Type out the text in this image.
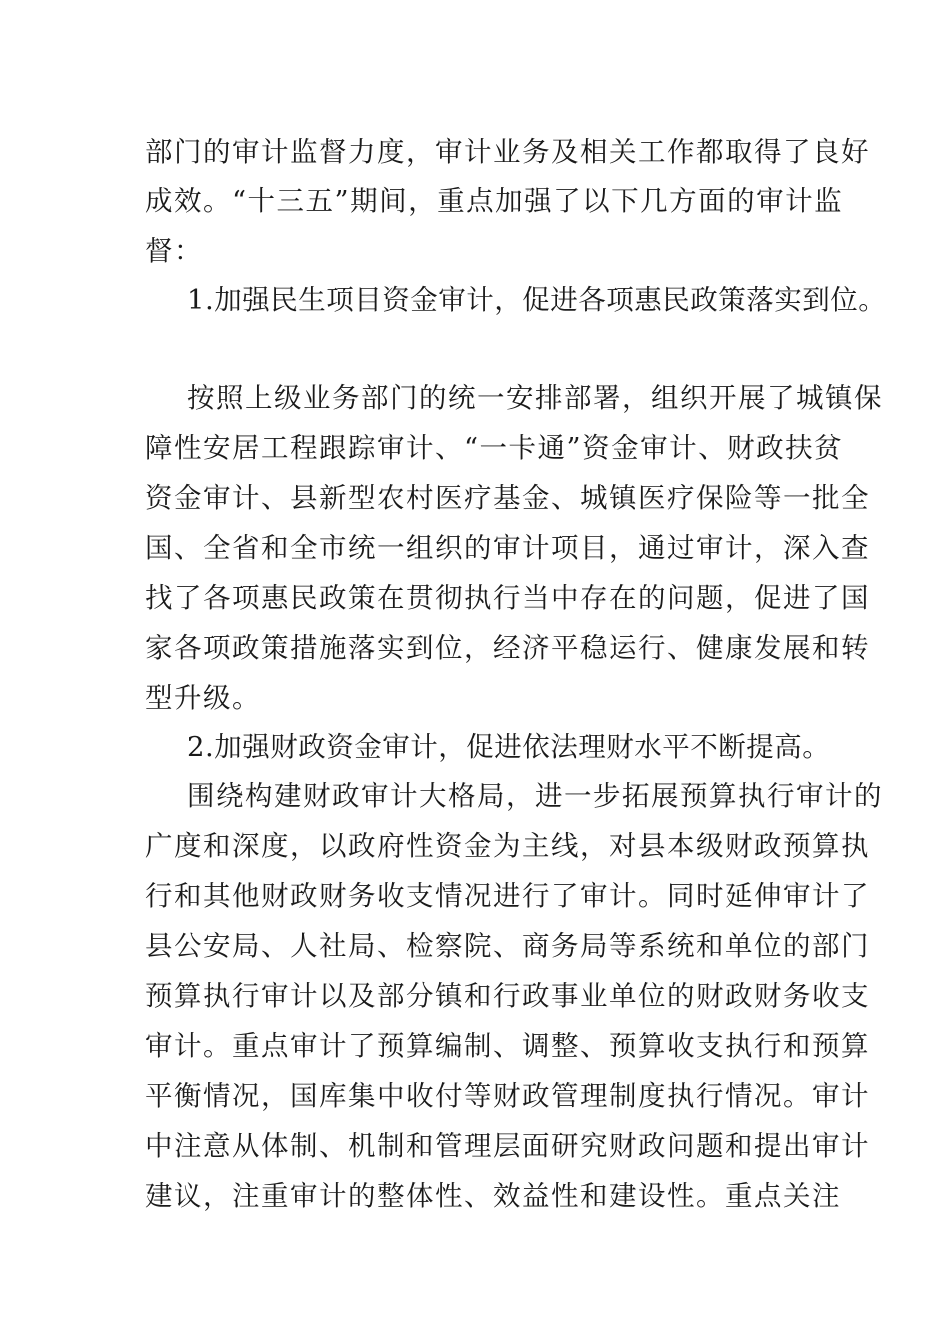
部门的审计监督力度，审计业务及相关工作都取得了良好
成效。“十三五”期间，重点加强了以下几方面的审计监
督：
1.加强民生项目资金审计，促进各项惠民政策落实到位。
按照上级业务部门的统一安排部署，组织开展了城镇保
障性安居工程跟踪审计、“一卡通”资金审计、财政扶贫
资金审计、县新型农村医疗基金、城镇医疗保险等一批全
国、全省和全市统一组织的审计项目，通过审计，深入查
找了各项惠民政策在贯彻执行当中存在的问题，促进了国
家各项政策措施落实到位，经济平稳运行、健康发展和转
型升级。
2.加强财政资金审计，促进依法理财水平不断提高。
围绕构建财政审计大格局，进一步拓展预算执行审计的
广度和深度，以政府性资金为主线，对县本级财政预算执
行和其他财政财务收支情况进行了审计。同时延伸审计了
县公安局、人社局、检察院、商务局等系统和单位的部门
预算执行审计以及部分镇和行政事业单位的财政财务收支
审计。重点审计了预算编制、调整、预算收支执行和预算
平衡情况，国库集中收付等财政管理制度执行情况。审计
中注意从体制、机制和管理层面研究财政问题和提出审计
建议，注重审计的整体性、效益性和建设性。重点关注
